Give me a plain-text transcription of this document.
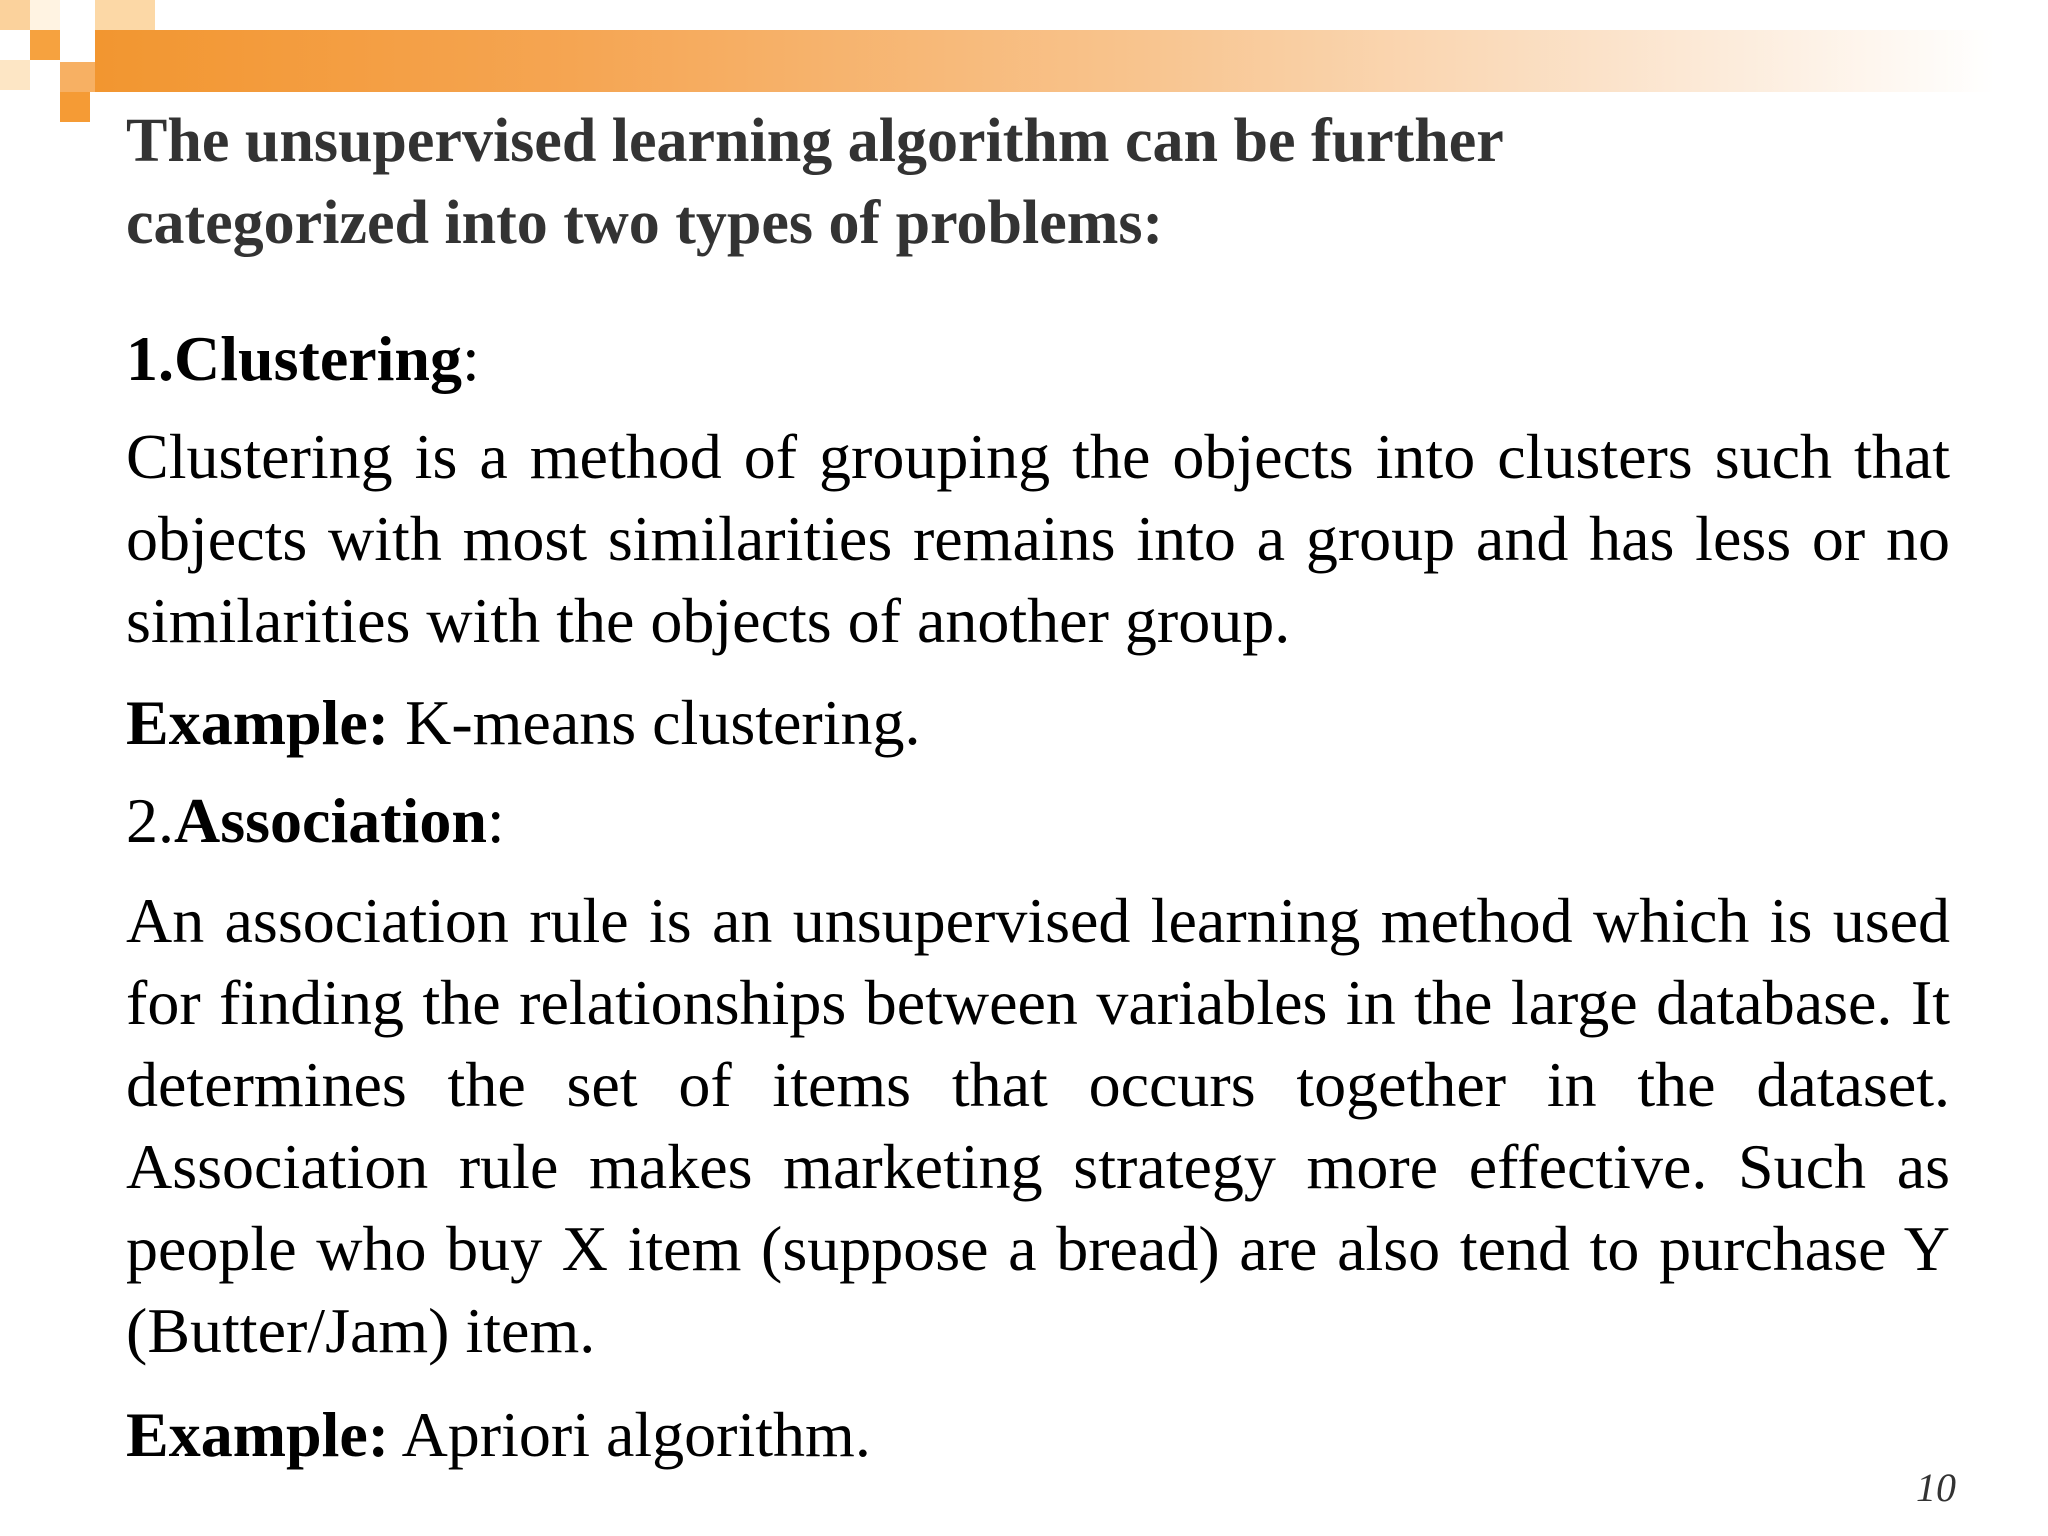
The unsupervised learning algorithm can be further categorized into two types of problems:
1.Clustering:
Clustering is a method of grouping the objects into clusters such that objects with most similarities remains into a group and has less or no similarities with the objects of another group.
Example: K-means clustering.
2.Association:
An association rule is an unsupervised learning method which is used for finding the relationships between variables in the large database. It determines the set of items that occurs together in the dataset. Association rule makes marketing strategy more effective. Such as people who buy X item (suppose a bread) are also tend to purchase Y (Butter/Jam) item.
Example: Apriori algorithm.
10
